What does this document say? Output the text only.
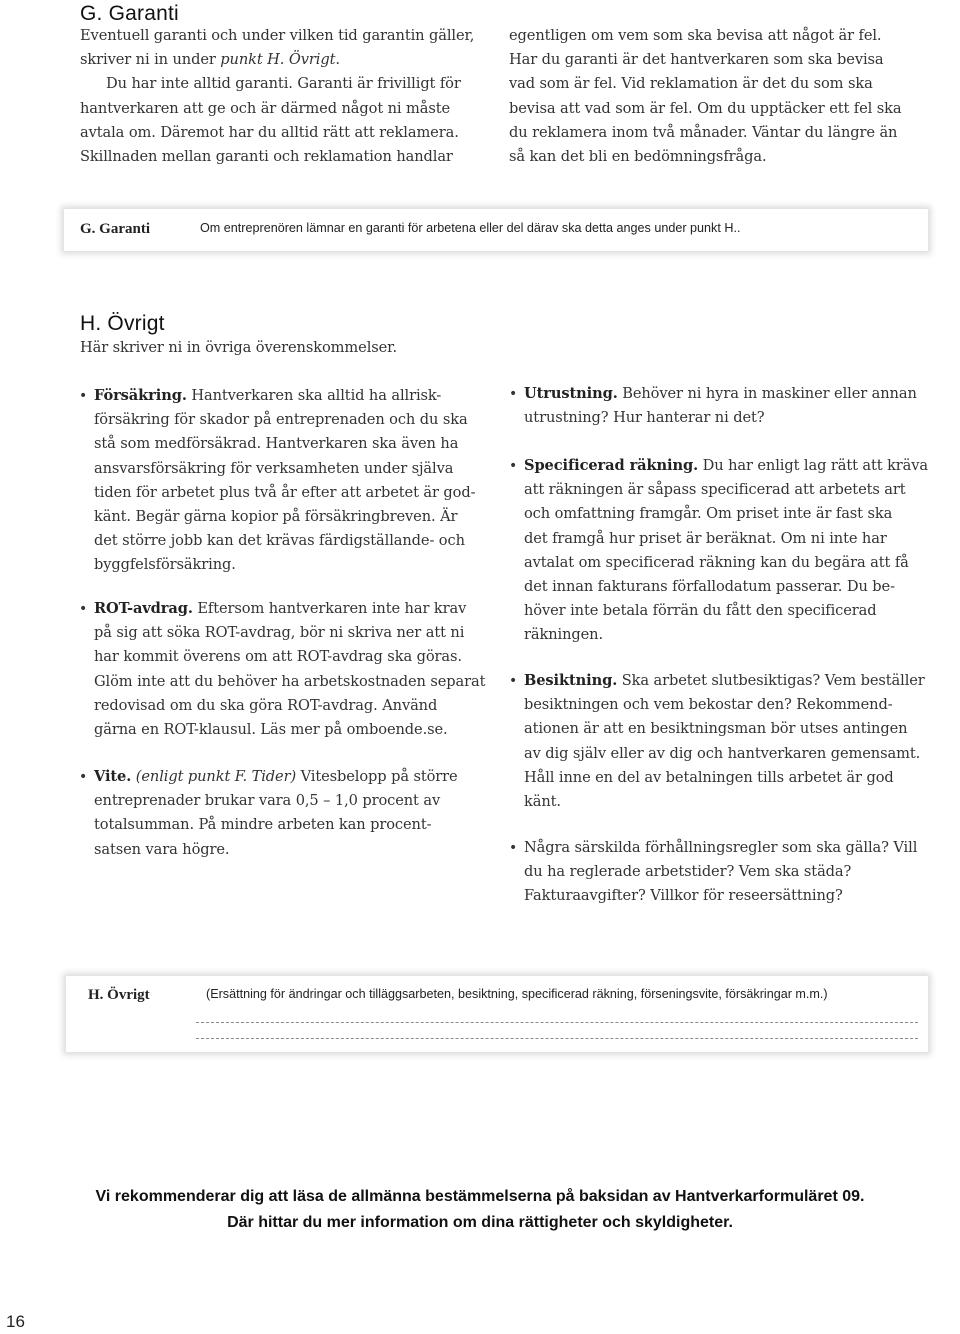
G. Garanti
Eventuell garanti och under vilken tid garantin gäller,
skriver ni in under punkt H. Övrigt.
Du har inte alltid garanti. Garanti är frivilligt för
hantverkaren att ge och är därmed något ni måste
avtala om. Däremot har du alltid rätt att reklamera.
Skillnaden mellan garanti och reklamation handlar
egentligen om vem som ska bevisa att något är fel.
Har du garanti är det hantverkaren som ska bevisa
vad som är fel. Vid reklamation är det du som ska
bevisa att vad som är fel. Om du upptäcker ett fel ska
du reklamera inom två månader. Väntar du längre än
så kan det bli en bedömningsfråga.
G. Garanti	Om entreprenören lämnar en garanti för arbetena eller del därav ska detta anges under punkt H..
H. Övrigt
Här skriver ni in övriga överenskommelser.
• Försäkring. Hantverkaren ska alltid ha allrisk-
försäkring för skador på entreprenaden och du ska
stå som medförsäkrad. Hantverkaren ska även ha
ansvarsförsäkring för verksamheten under själva
tiden för arbetet plus två år efter att arbetet är god-
känt. Begär gärna kopior på försäkringbreven. Är
det större jobb kan det krävas färdigställande- och
byggfelsförsäkring.
• ROT-avdrag. Eftersom hantverkaren inte har krav
på sig att söka ROT-avdrag, bör ni skriva ner att ni
har kommit överens om att ROT-avdrag ska göras.
Glöm inte att du behöver ha arbetskostnaden separat
redovisad om du ska göra ROT-avdrag. Använd
gärna en ROT-klausul. Läs mer på omboende.se.
• Vite. (enligt punkt F. Tider) Vitesbelopp på större
entreprenader brukar vara 0,5 – 1,0 procent av
totalsumman. På mindre arbeten kan procent-
satsen vara högre.
• Utrustning. Behöver ni hyra in maskiner eller annan
utrustning? Hur hanterar ni det?
• Specificerad räkning. Du har enligt lag rätt att kräva
att räkningen är såpass specificerad att arbetets art
och omfattning framgår. Om priset inte är fast ska
det framgå hur priset är beräknat. Om ni inte har
avtalat om specificerad räkning kan du begära att få
det innan fakturans förfallodatum passerar. Du be-
höver inte betala förrän du fått den specificerad
räkningen.
• Besiktning. Ska arbetet slutbesiktigas? Vem beställer
besiktningen och vem bekostar den? Rekommend-
ationen är att en besiktningsman bör utses antingen
av dig själv eller av dig och hantverkaren gemensamt.
Håll inne en del av betalningen tills arbetet är god
känt.
• Några särskilda förhållningsregler som ska gälla? Vill
du ha reglerade arbetstider? Vem ska städa?
Fakturaavgifter? Villkor för reseersättning?
H. Övrigt	(Ersättning för ändringar och tilläggsarbeten, besiktning, specificerad räkning, förseningsvite, försäkringar m.m.)
Vi rekommenderar dig att läsa de allmänna bestämmelserna på baksidan av Hantverkarformuläret 09.
Där hittar du mer information om dina rättigheter och skyldigheter.
16
